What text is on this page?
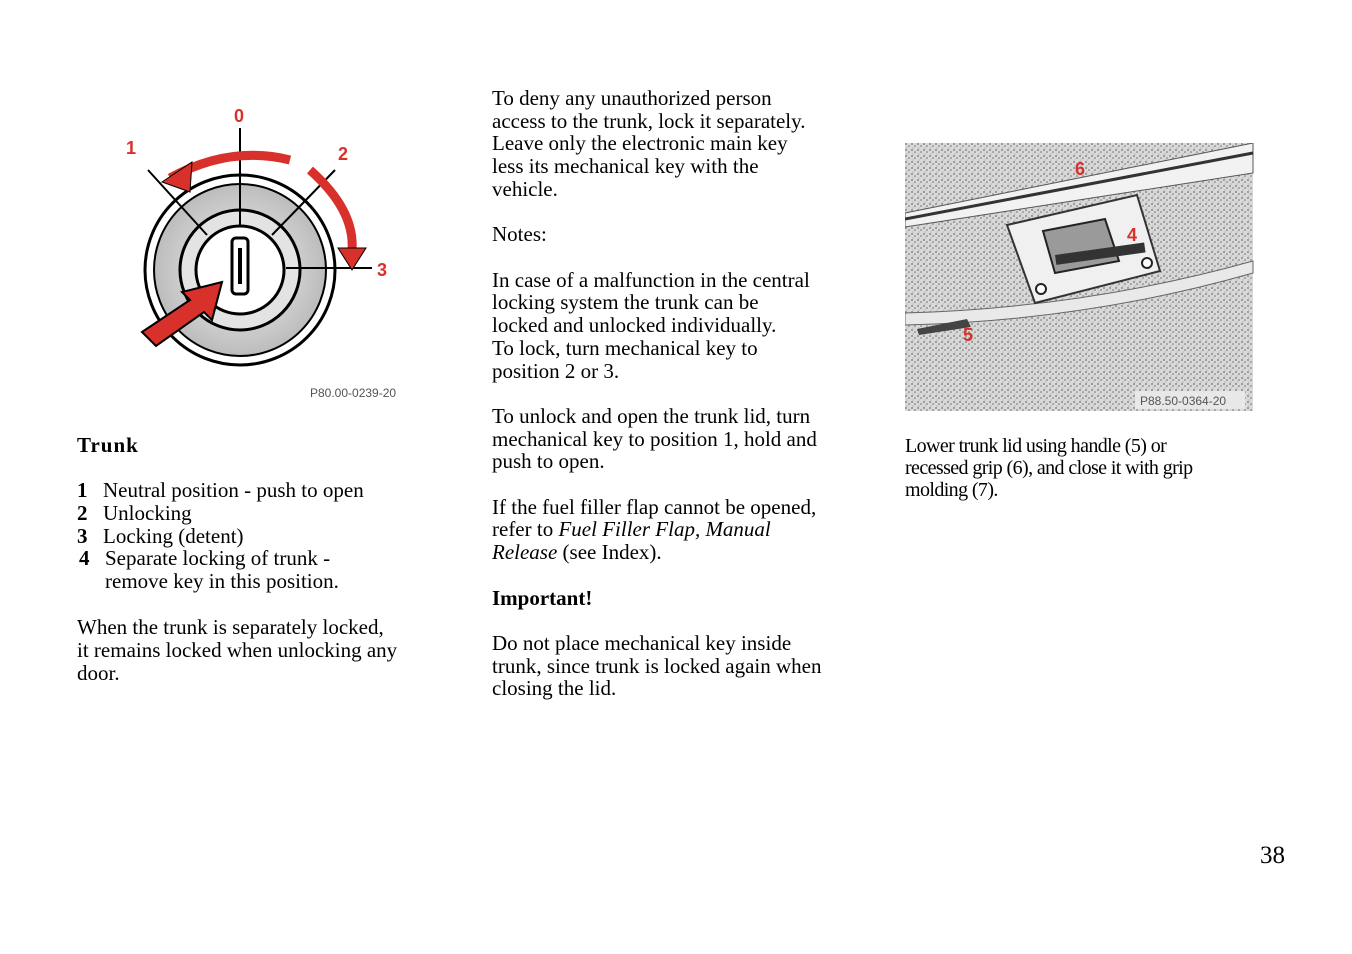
0
1	2
3
P80.00-0239-20
Trunk
1 Neutral position - push to open
2 Unlocking
3 Locking (detent)
4 Separate locking of trunk -
remove key in this position.
When the trunk is separately locked,
it remains locked when unlocking any
door.
To deny any unauthorized person
access to the trunk, lock it separately.
Leave only the electronic main key
less its mechanical key with the
vehicle.
Notes:
In case of a malfunction in the central
locking system the trunk can be
locked and unlocked individually.
To lock, turn mechanical key to
position 2 or 3.
To unlock and open the trunk lid, turn
mechanical key to position 1, hold and
push to open.
If the fuel filler flap cannot be opened,
refer to Fuel Filler Flap, Manual
Release (see Index).
Important!
Do not place mechanical key inside
trunk, since trunk is locked again when
closing the lid.
6
4
5
P88.50-0364-20
Lower trunk lid using handle (5) or
recessed grip (6), and close it with grip
molding (7).
38
